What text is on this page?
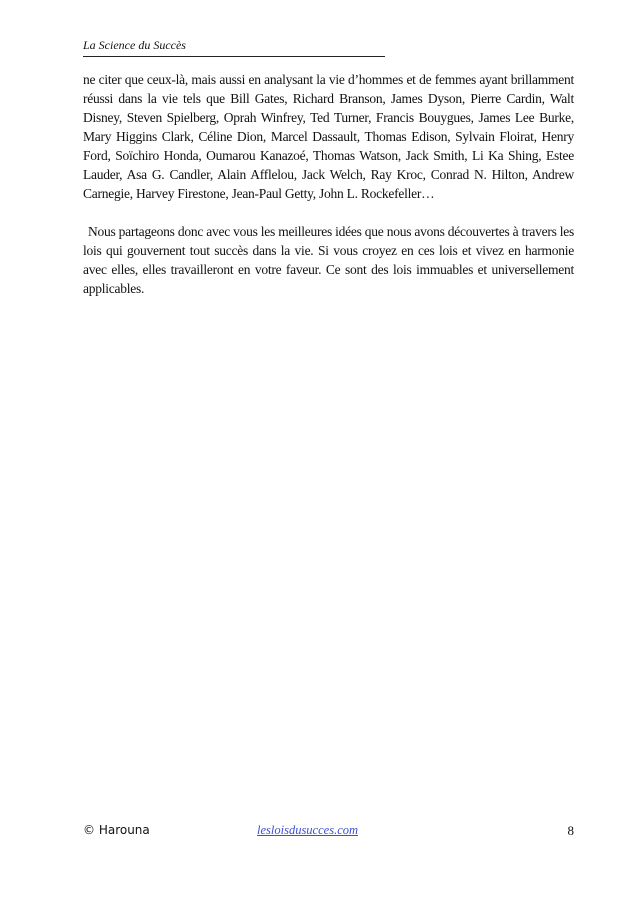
La Science du Succès

ne citer que ceux-là, mais aussi en analysant la vie d’hommes et de femmes ayant brillamment réussi dans la vie tels que Bill Gates, Richard Branson, James Dyson, Pierre Cardin, Walt Disney, Steven Spielberg, Oprah Winfrey, Ted Turner, Francis Bouygues, James Lee Burke, Mary Higgins Clark, Céline Dion, Marcel Dassault, Thomas Edison, Sylvain Floirat, Henry Ford, Soïchiro Honda, Oumarou Kanazoé, Thomas Watson, Jack Smith, Li Ka Shing, Estee Lauder, Asa G. Candler, Alain Afflelou, Jack Welch, Ray Kroc, Conrad N. Hilton, Andrew Carnegie, Harvey Firestone, Jean-Paul Getty, John L. Rockefeller…

Nous partageons donc avec vous les meilleures idées que nous avons découvertes à travers les lois qui gouvernent tout succès dans la vie. Si vous croyez en ces lois et vivez en harmonie avec elles, elles travailleront en votre faveur. Ce sont des lois immuables et universellement applicables.

© Harouna	lesloisdusucces.com	8
